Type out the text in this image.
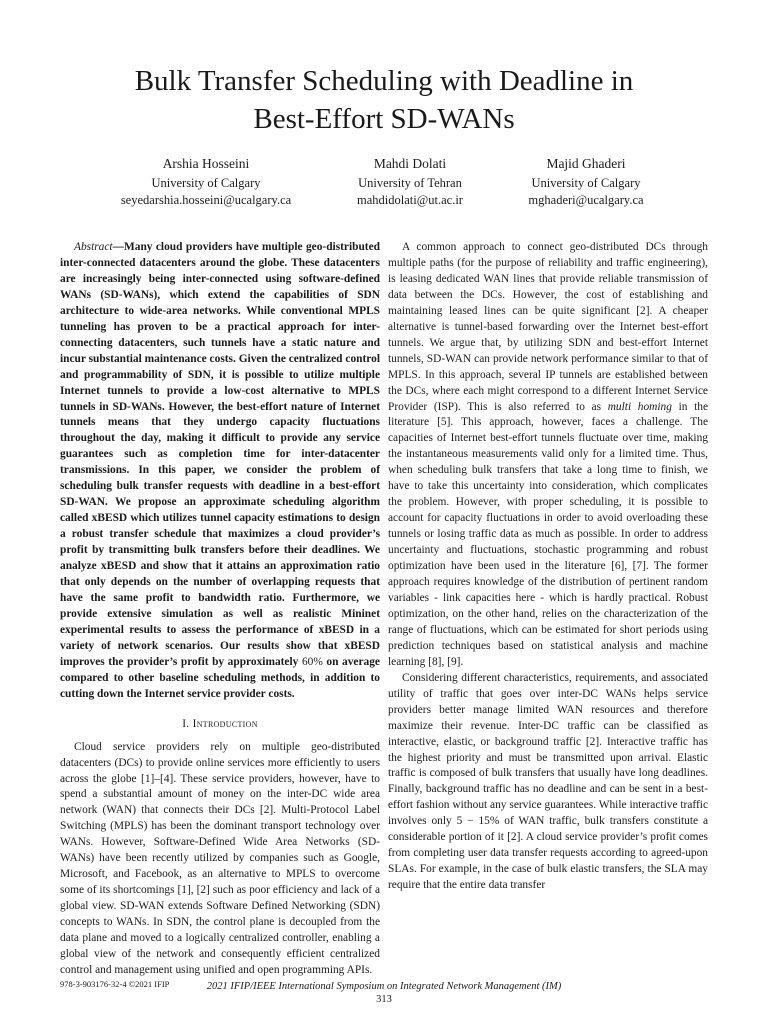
Bulk Transfer Scheduling with Deadline in
Best-Effort SD-WANs
Arshia Hosseini
University of Calgary
seyedarshia.hosseini@ucalgary.ca
Mahdi Dolati
University of Tehran
mahdidolati@ut.ac.ir
Majid Ghaderi
University of Calgary
mghaderi@ucalgary.ca

Abstract—Many cloud providers have multiple geo-distributed inter-connected datacenters around the globe. These datacenters are increasingly being inter-connected using software-defined WANs (SD-WANs), which extend the capabilities of SDN architecture to wide-area networks. While conventional MPLS tunneling has proven to be a practical approach for inter-connecting datacenters, such tunnels have a static nature and incur substantial maintenance costs. Given the centralized control and programmability of SDN, it is possible to utilize multiple Internet tunnels to provide a low-cost alternative to MPLS tunnels in SD-WANs. However, the best-effort nature of Internet tunnels means that they undergo capacity fluctuations throughout the day, making it difficult to provide any service guarantees such as completion time for inter-datacenter transmissions. In this paper, we consider the problem of scheduling bulk transfer requests with deadline in a best-effort SD-WAN. We propose an approximate scheduling algorithm called xBESD which utilizes tunnel capacity estimations to design a robust transfer schedule that maximizes a cloud provider’s profit by transmitting bulk transfers before their deadlines. We analyze xBESD and show that it attains an approximation ratio that only depends on the number of overlapping requests that have the same profit to bandwidth ratio. Furthermore, we provide extensive simulation as well as realistic Mininet experimental results to assess the performance of xBESD in a variety of network scenarios. Our results show that xBESD improves the provider’s profit by approximately 60% on average compared to other baseline scheduling methods, in addition to cutting down the Internet service provider costs.

I. Introduction

Cloud service providers rely on multiple geo-distributed datacenters (DCs) to provide online services more efficiently to users across the globe [1]–[4]. These service providers, however, have to spend a substantial amount of money on the inter-DC wide area network (WAN) that connects their DCs [2]. Multi-Protocol Label Switching (MPLS) has been the dominant transport technology over WANs. However, Software-Defined Wide Area Networks (SD-WANs) have been recently utilized by companies such as Google, Microsoft, and Facebook, as an alternative to MPLS to overcome some of its shortcomings [1], [2] such as poor efficiency and lack of a global view. SD-WAN extends Software Defined Networking (SDN) concepts to WANs. In SDN, the control plane is decoupled from the data plane and moved to a logically centralized controller, enabling a global view of the network and consequently efficient centralized control and management using unified and open programming APIs.

978-3-903176-32-4 ©2021 IFIP

A common approach to connect geo-distributed DCs through multiple paths (for the purpose of reliability and traffic engineering), is leasing dedicated WAN lines that provide reliable transmission of data between the DCs. However, the cost of establishing and maintaining leased lines can be quite significant [2]. A cheaper alternative is tunnel-based forwarding over the Internet best-effort tunnels. We argue that, by utilizing SDN and best-effort Internet tunnels, SD-WAN can provide network performance similar to that of MPLS. In this approach, several IP tunnels are established between the DCs, where each might correspond to a different Internet Service Provider (ISP). This is also referred to as multi homing in the literature [5]. This approach, however, faces a challenge. The capacities of Internet best-effort tunnels fluctuate over time, making the instantaneous measurements valid only for a limited time. Thus, when scheduling bulk transfers that take a long time to finish, we have to take this uncertainty into consideration, which complicates the problem. However, with proper scheduling, it is possible to account for capacity fluctuations in order to avoid overloading these tunnels or losing traffic data as much as possible. In order to address uncertainty and fluctuations, stochastic programming and robust optimization have been used in the literature [6], [7]. The former approach requires knowledge of the distribution of pertinent random variables - link capacities here - which is hardly practical. Robust optimization, on the other hand, relies on the characterization of the range of fluctuations, which can be estimated for short periods using prediction techniques based on statistical analysis and machine learning [8], [9].

Considering different characteristics, requirements, and associated utility of traffic that goes over inter-DC WANs helps service providers better manage limited WAN resources and therefore maximize their revenue. Inter-DC traffic can be classified as interactive, elastic, or background traffic [2]. Interactive traffic has the highest priority and must be transmitted upon arrival. Elastic traffic is composed of bulk transfers that usually have long deadlines. Finally, background traffic has no deadline and can be sent in a best-effort fashion without any service guarantees. While interactive traffic involves only 5 − 15% of WAN traffic, bulk transfers constitute a considerable portion of it [2]. A cloud service provider’s profit comes from completing user data transfer requests according to agreed-upon SLAs. For example, in the case of bulk elastic transfers, the SLA may require that the entire data transfer

2021 IFIP/IEEE International Symposium on Integrated Network Management (IM)
313
